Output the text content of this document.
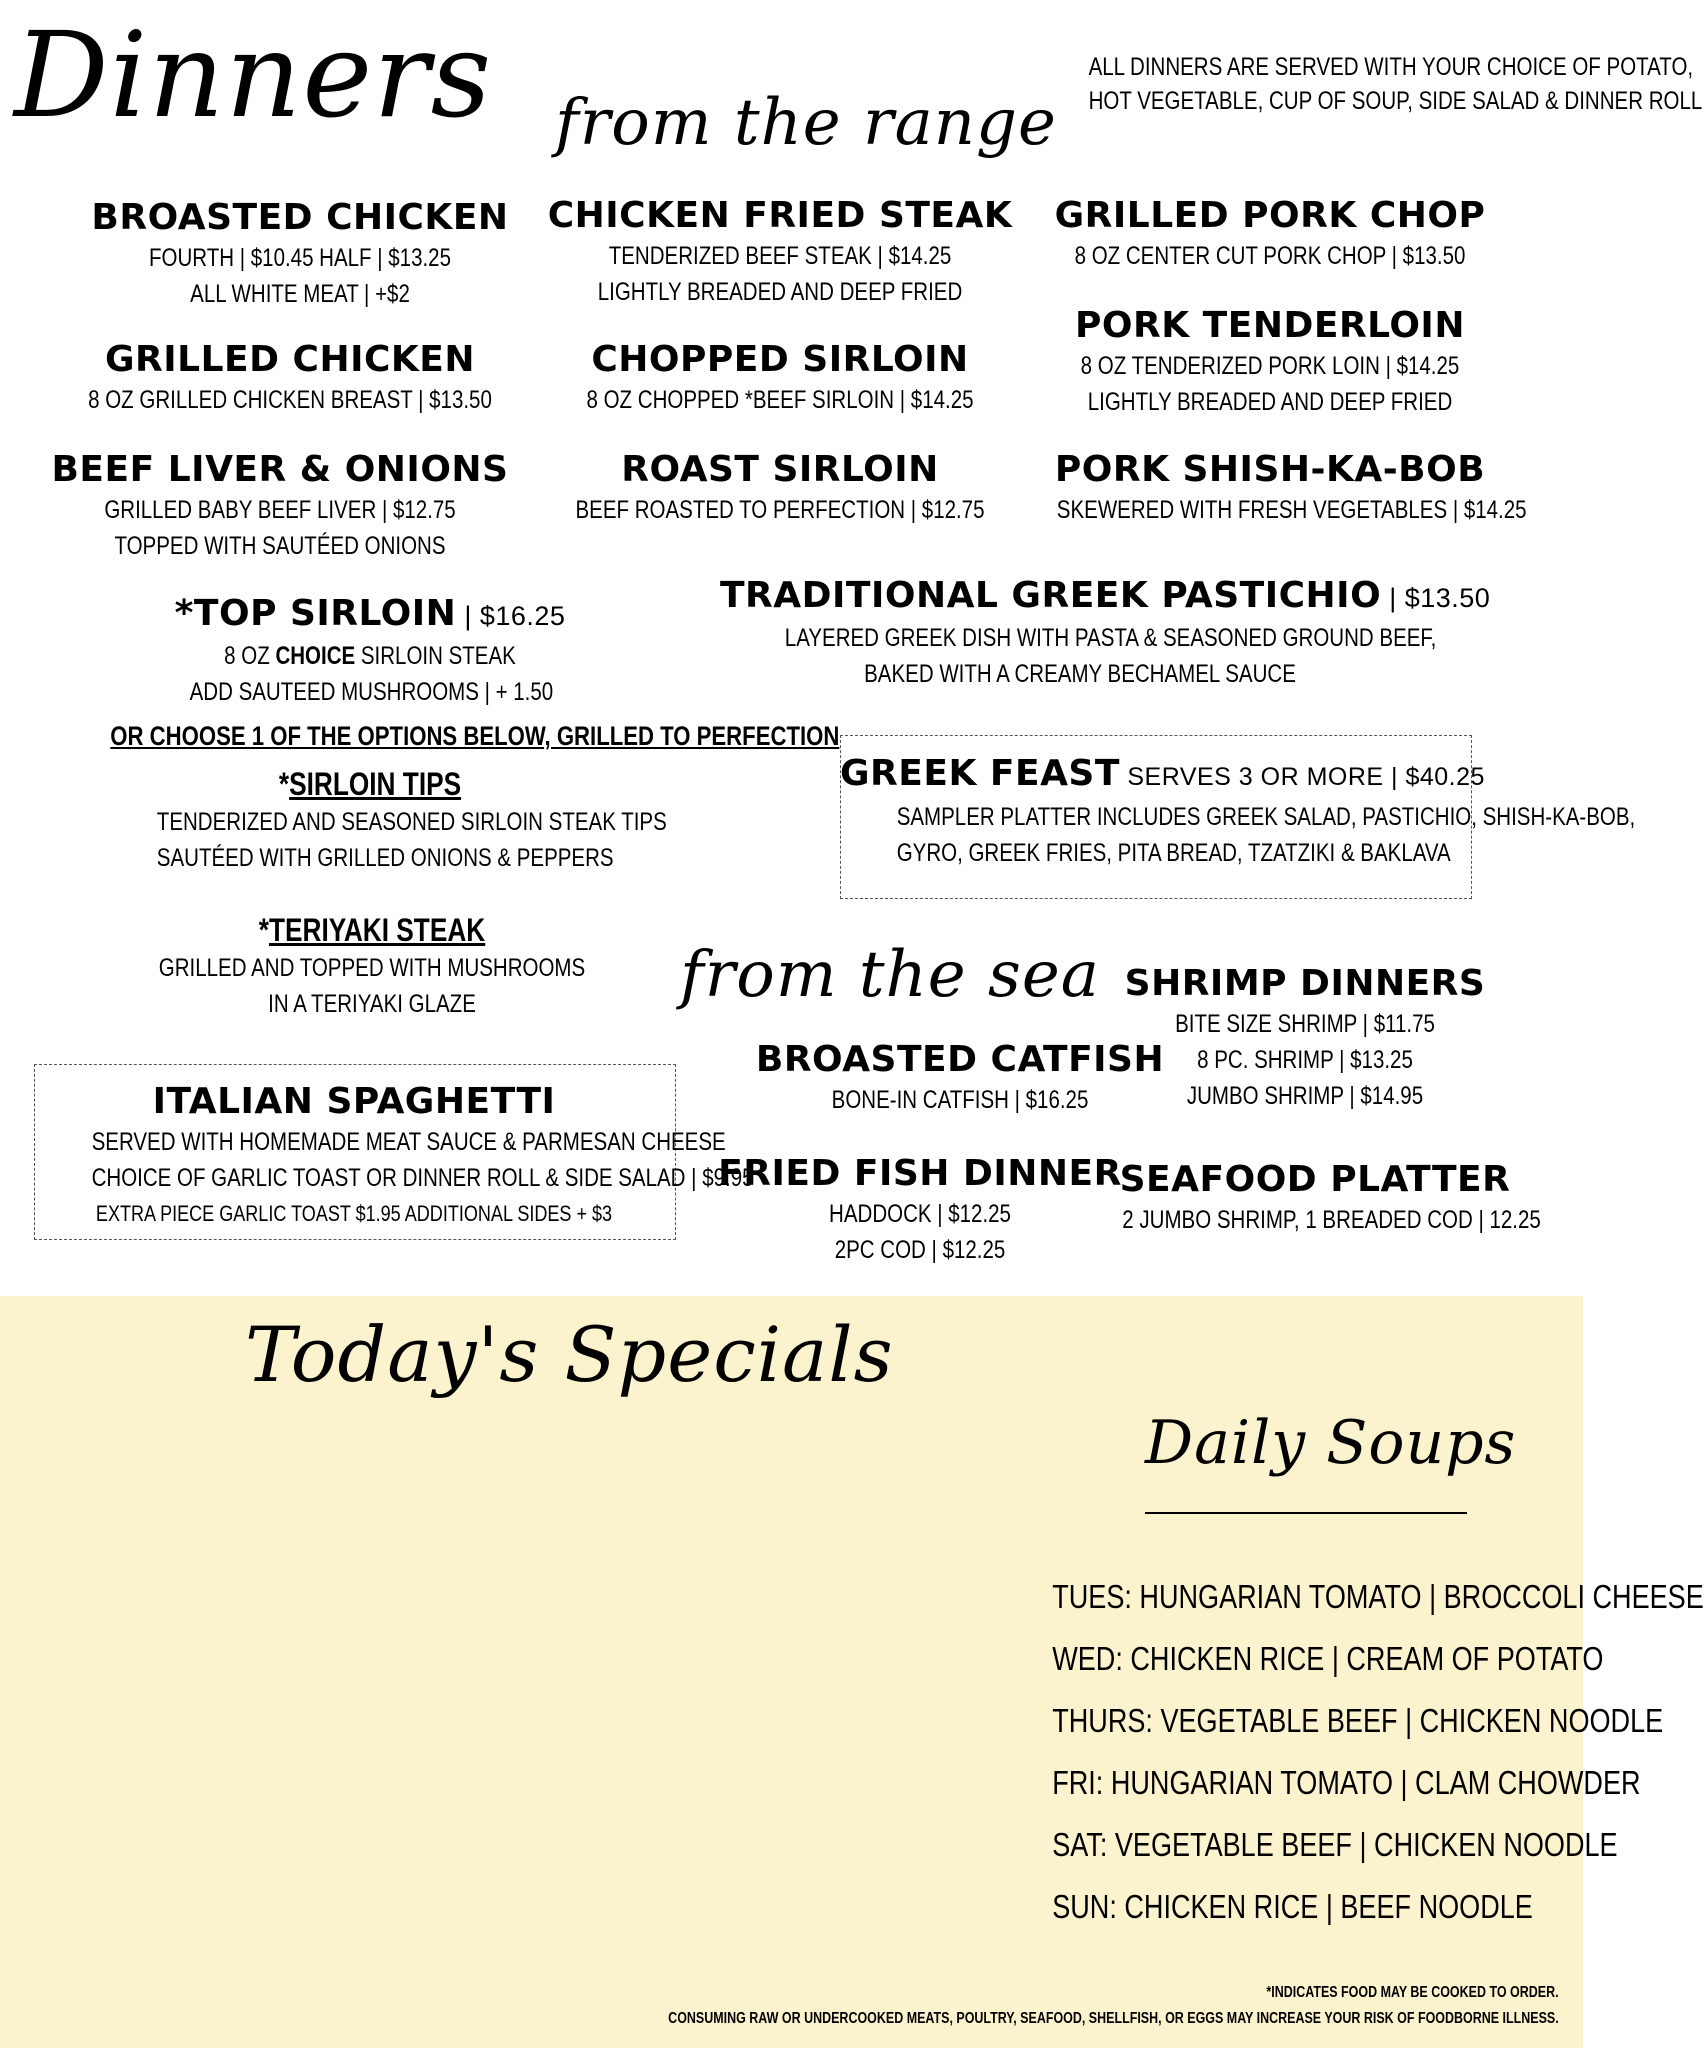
Dinners from the range
ALL DINNERS ARE SERVED WITH YOUR CHOICE OF POTATO,
HOT VEGETABLE, CUP OF SOUP, SIDE SALAD & DINNER ROLL
BROASTED CHICKEN
FOURTH | $10.45 HALF | $13.25
ALL WHITE MEAT | +$2
GRILLED CHICKEN
8 OZ GRILLED CHICKEN BREAST | $13.50
BEEF LIVER & ONIONS
GRILLED BABY BEEF LIVER | $12.75
TOPPED WITH SAUTÉED ONIONS
*TOP SIRLOIN | $16.25
8 OZ CHOICE SIRLOIN STEAK
ADD SAUTEED MUSHROOMS | + 1.50
OR CHOOSE 1 OF THE OPTIONS BELOW, GRILLED TO PERFECTION
*SIRLOIN TIPS
TENDERIZED AND SEASONED SIRLOIN STEAK TIPS
SAUTÉED WITH GRILLED ONIONS & PEPPERS
*TERIYAKI STEAK
GRILLED AND TOPPED WITH MUSHROOMS
IN A TERIYAKI GLAZE
ITALIAN SPAGHETTI
SERVED WITH HOMEMADE MEAT SAUCE & PARMESAN CHEESE
CHOICE OF GARLIC TOAST OR DINNER ROLL & SIDE SALAD | $9.95
EXTRA PIECE GARLIC TOAST $1.95 ADDITIONAL SIDES + $3
CHICKEN FRIED STEAK
TENDERIZED BEEF STEAK | $14.25
LIGHTLY BREADED AND DEEP FRIED
CHOPPED SIRLOIN
8 OZ CHOPPED *BEEF SIRLOIN | $14.25
ROAST SIRLOIN
BEEF ROASTED TO PERFECTION | $12.75
GRILLED PORK CHOP
8 OZ CENTER CUT PORK CHOP | $13.50
PORK TENDERLOIN
8 OZ TENDERIZED PORK LOIN | $14.25
LIGHTLY BREADED AND DEEP FRIED
PORK SHISH-KA-BOB
SKEWERED WITH FRESH VEGETABLES | $14.25
TRADITIONAL GREEK PASTICHIO | $13.50
LAYERED GREEK DISH WITH PASTA & SEASONED GROUND BEEF,
BAKED WITH A CREAMY BECHAMEL SAUCE
GREEK FEAST SERVES 3 OR MORE | $40.25
SAMPLER PLATTER INCLUDES GREEK SALAD, PASTICHIO, SHISH-KA-BOB,
GYRO, GREEK FRIES, PITA BREAD, TZATZIKI & BAKLAVA
from the sea
BROASTED CATFISH
BONE-IN CATFISH | $16.25
FRIED FISH DINNER
HADDOCK | $12.25
2PC COD | $12.25
SHRIMP DINNERS
BITE SIZE SHRIMP | $11.75
8 PC. SHRIMP | $13.25
JUMBO SHRIMP | $14.95
SEAFOOD PLATTER
2 JUMBO SHRIMP, 1 BREADED COD | 12.25
Today's Specials
Daily Soups
TUES: HUNGARIAN TOMATO | BROCCOLI CHEESE
WED: CHICKEN RICE | CREAM OF POTATO
THURS: VEGETABLE BEEF | CHICKEN NOODLE
FRI: HUNGARIAN TOMATO | CLAM CHOWDER
SAT: VEGETABLE BEEF | CHICKEN NOODLE
SUN: CHICKEN RICE | BEEF NOODLE
*INDICATES FOOD MAY BE COOKED TO ORDER.
CONSUMING RAW OR UNDERCOOKED MEATS, POULTRY, SEAFOOD, SHELLFISH, OR EGGS MAY INCREASE YOUR RISK OF FOODBORNE ILLNESS.
